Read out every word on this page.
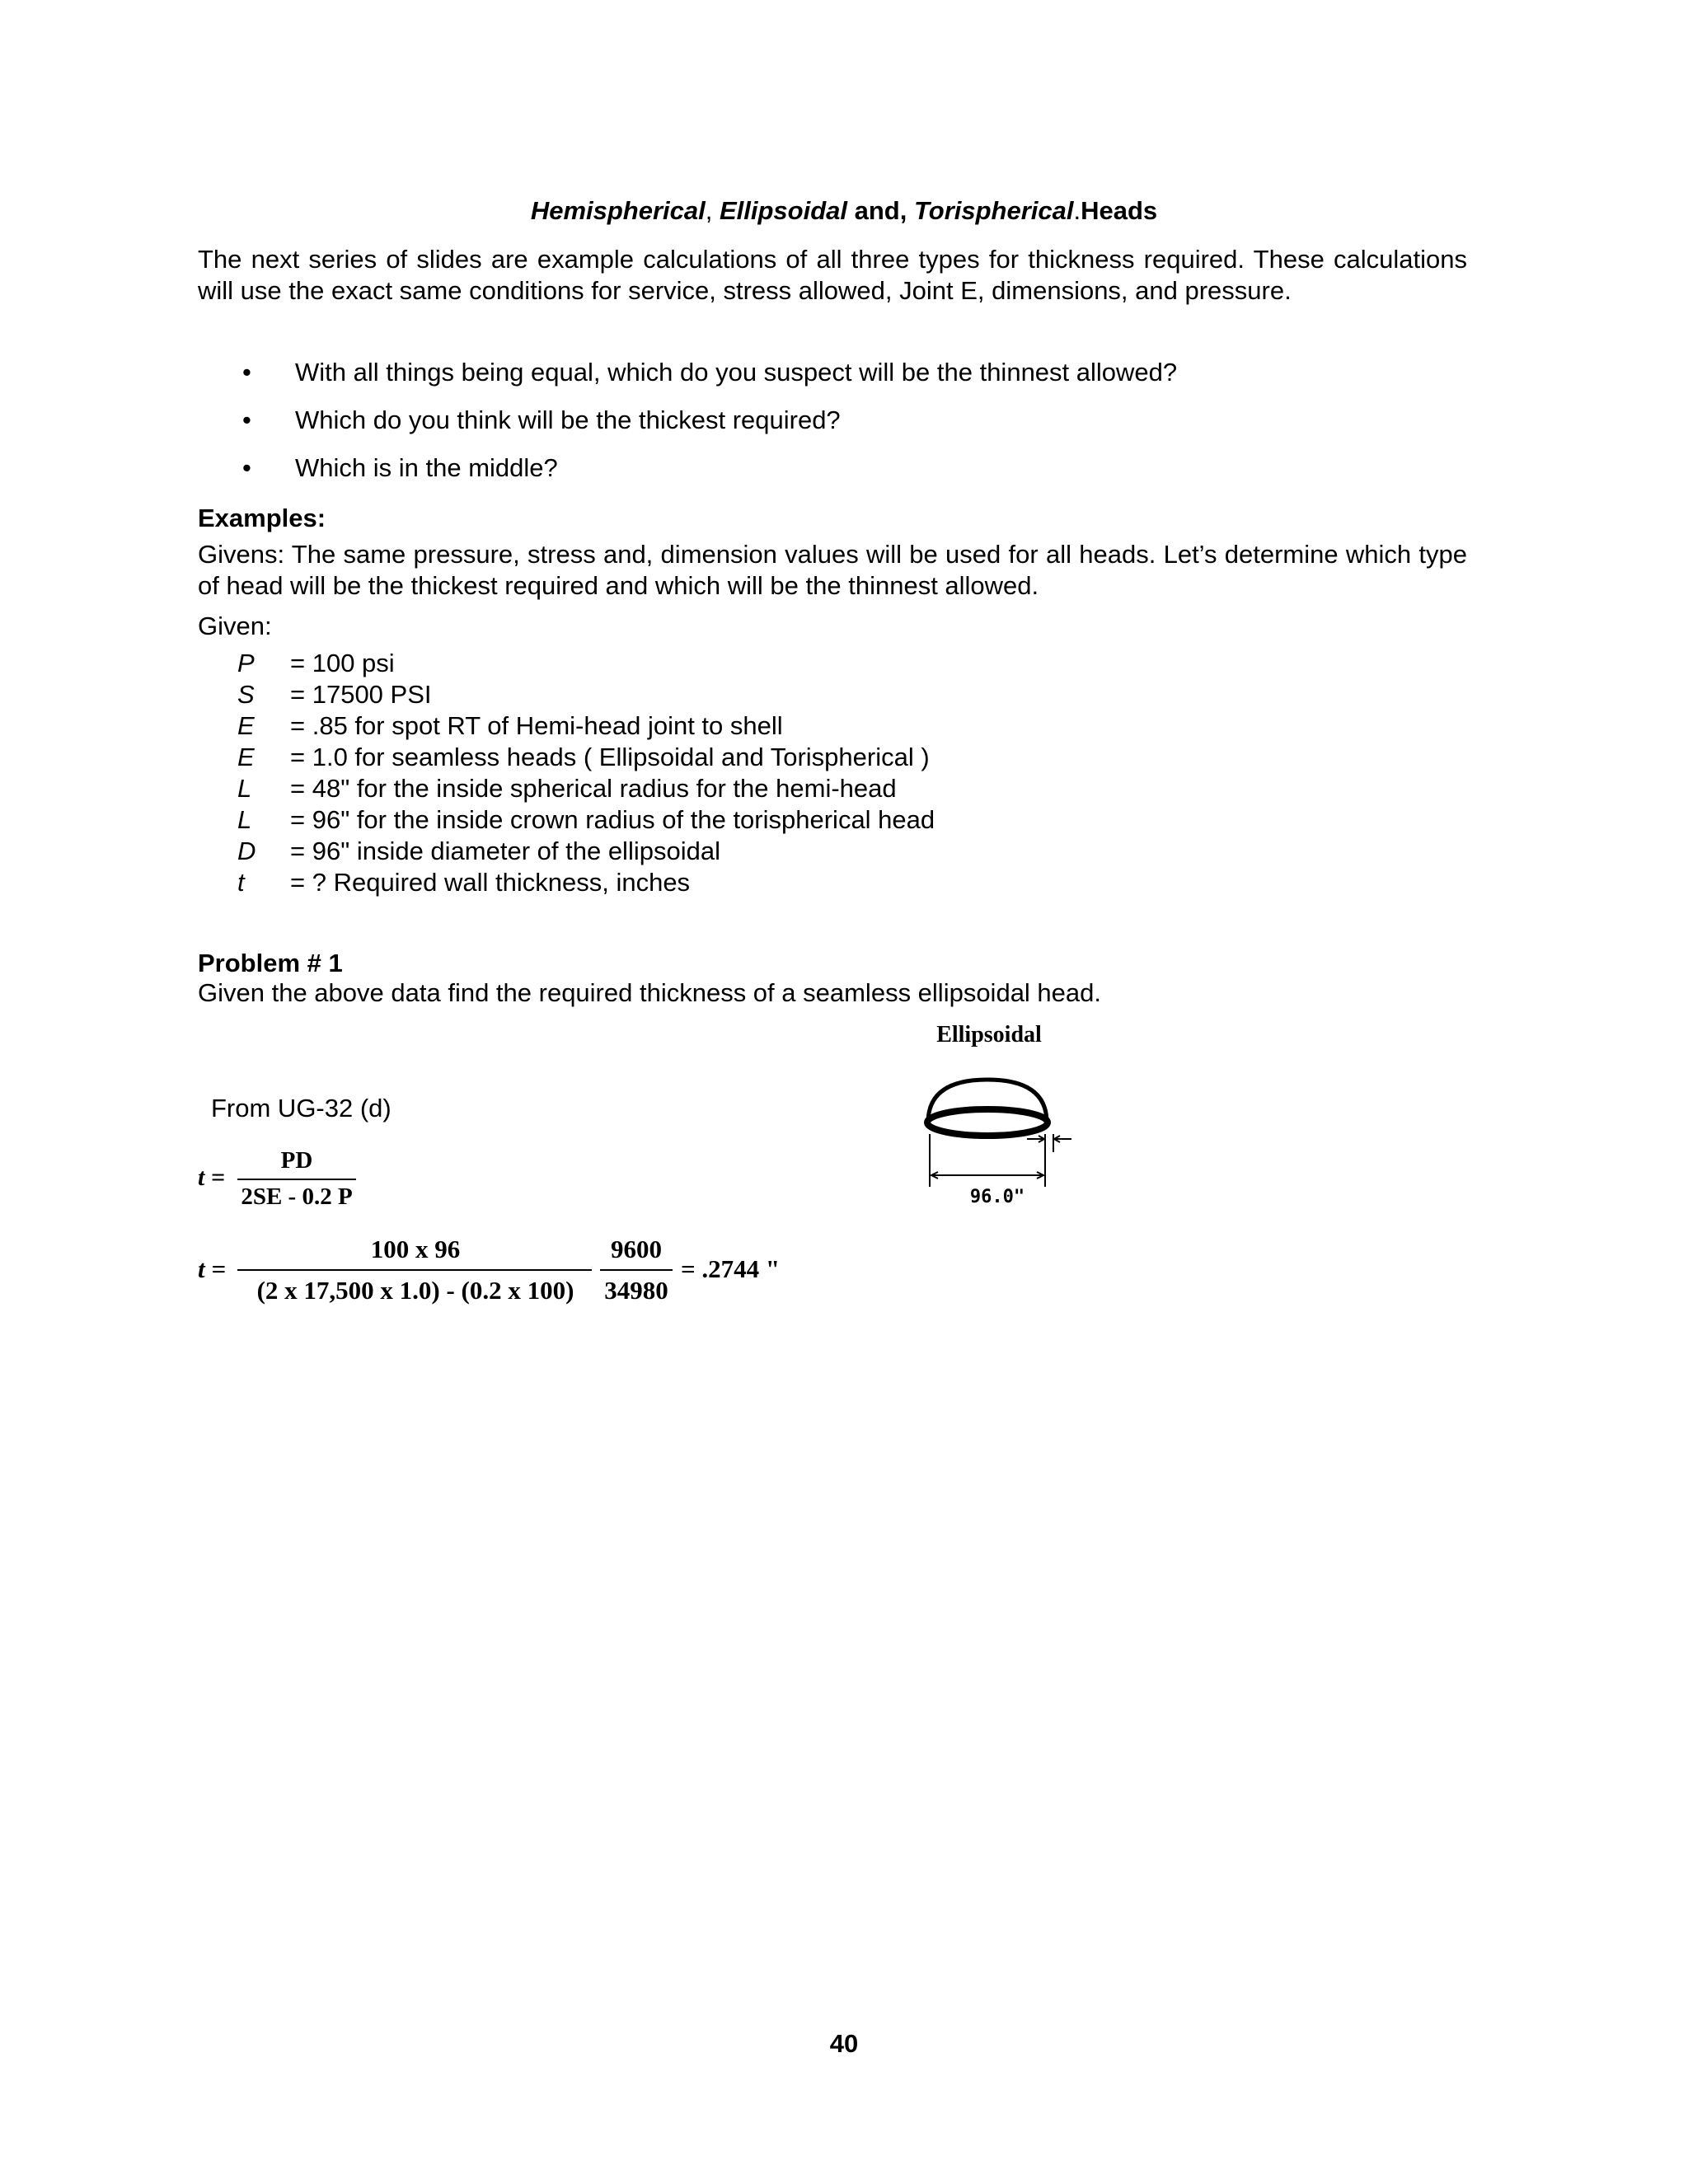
Hemispherical, Ellipsoidal and, Torispherical.Heads
The next series of slides are example calculations of all three types for thickness required. These calculations will use the exact same conditions for service, stress allowed, Joint E, dimensions, and pressure.
• With all things being equal, which do you suspect will be the thinnest allowed?
• Which do you think will be the thickest required?
• Which is in the middle?
Examples:
Givens: The same pressure, stress and, dimension values will be used for all heads. Let’s determine which type of head will be the thickest required and which will be the thinnest allowed.
Given:
P	= 100 psi
S	= 17500 PSI
E	= .85 for spot RT of Hemi-head joint to shell
E	= 1.0 for seamless heads ( Ellipsoidal and Torispherical )
L	= 48" for the inside spherical radius for the hemi-head
L	= 96" for the inside crown radius of the torispherical head
D = 96" inside diameter of the ellipsoidal
t	= ? Required wall thickness, inches
Problem # 1
Given the above data find the required thickness of a seamless ellipsoidal head.
From UG-32 (d)
t =
PD
2SE - 0.2 P
t =
100 x 96
(2 x 17,500 x 1.0) - (0.2 x 100)
9600
34980
= .2744 "
Ellipsoidal
96.0"
40
